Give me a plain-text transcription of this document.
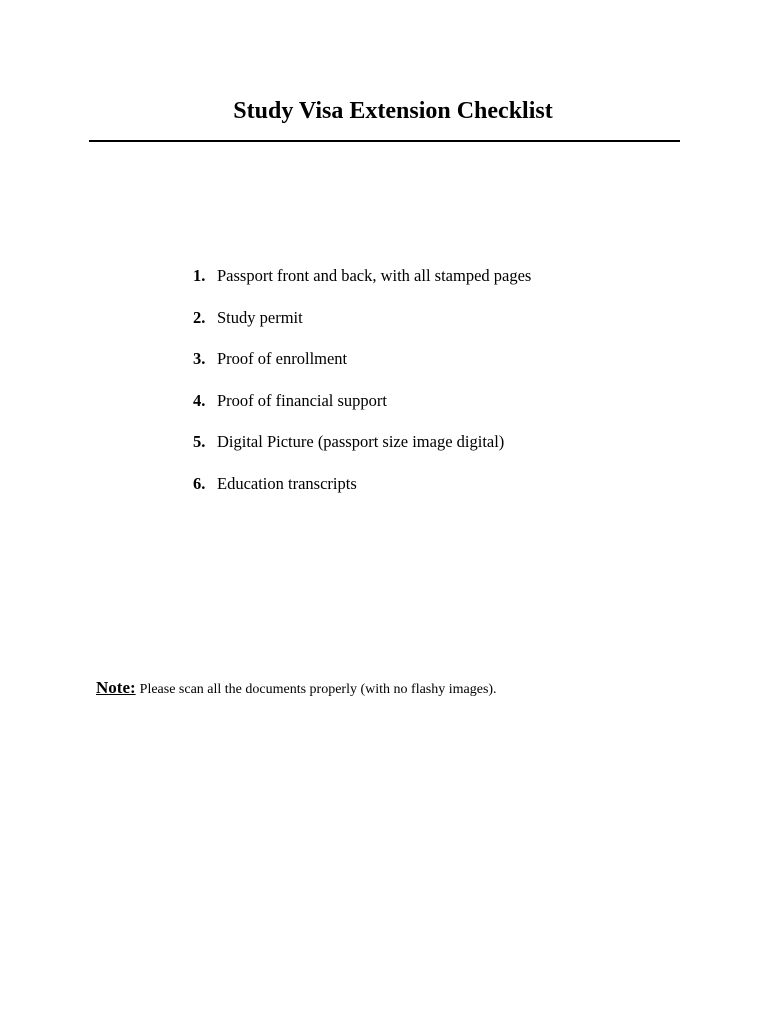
Study Visa Extension Checklist
1. Passport front and back, with all stamped pages
2. Study permit
3. Proof of enrollment
4. Proof of financial support
5. Digital Picture (passport size image digital)
6. Education transcripts

Note: Please scan all the documents properly (with no flashy images).
